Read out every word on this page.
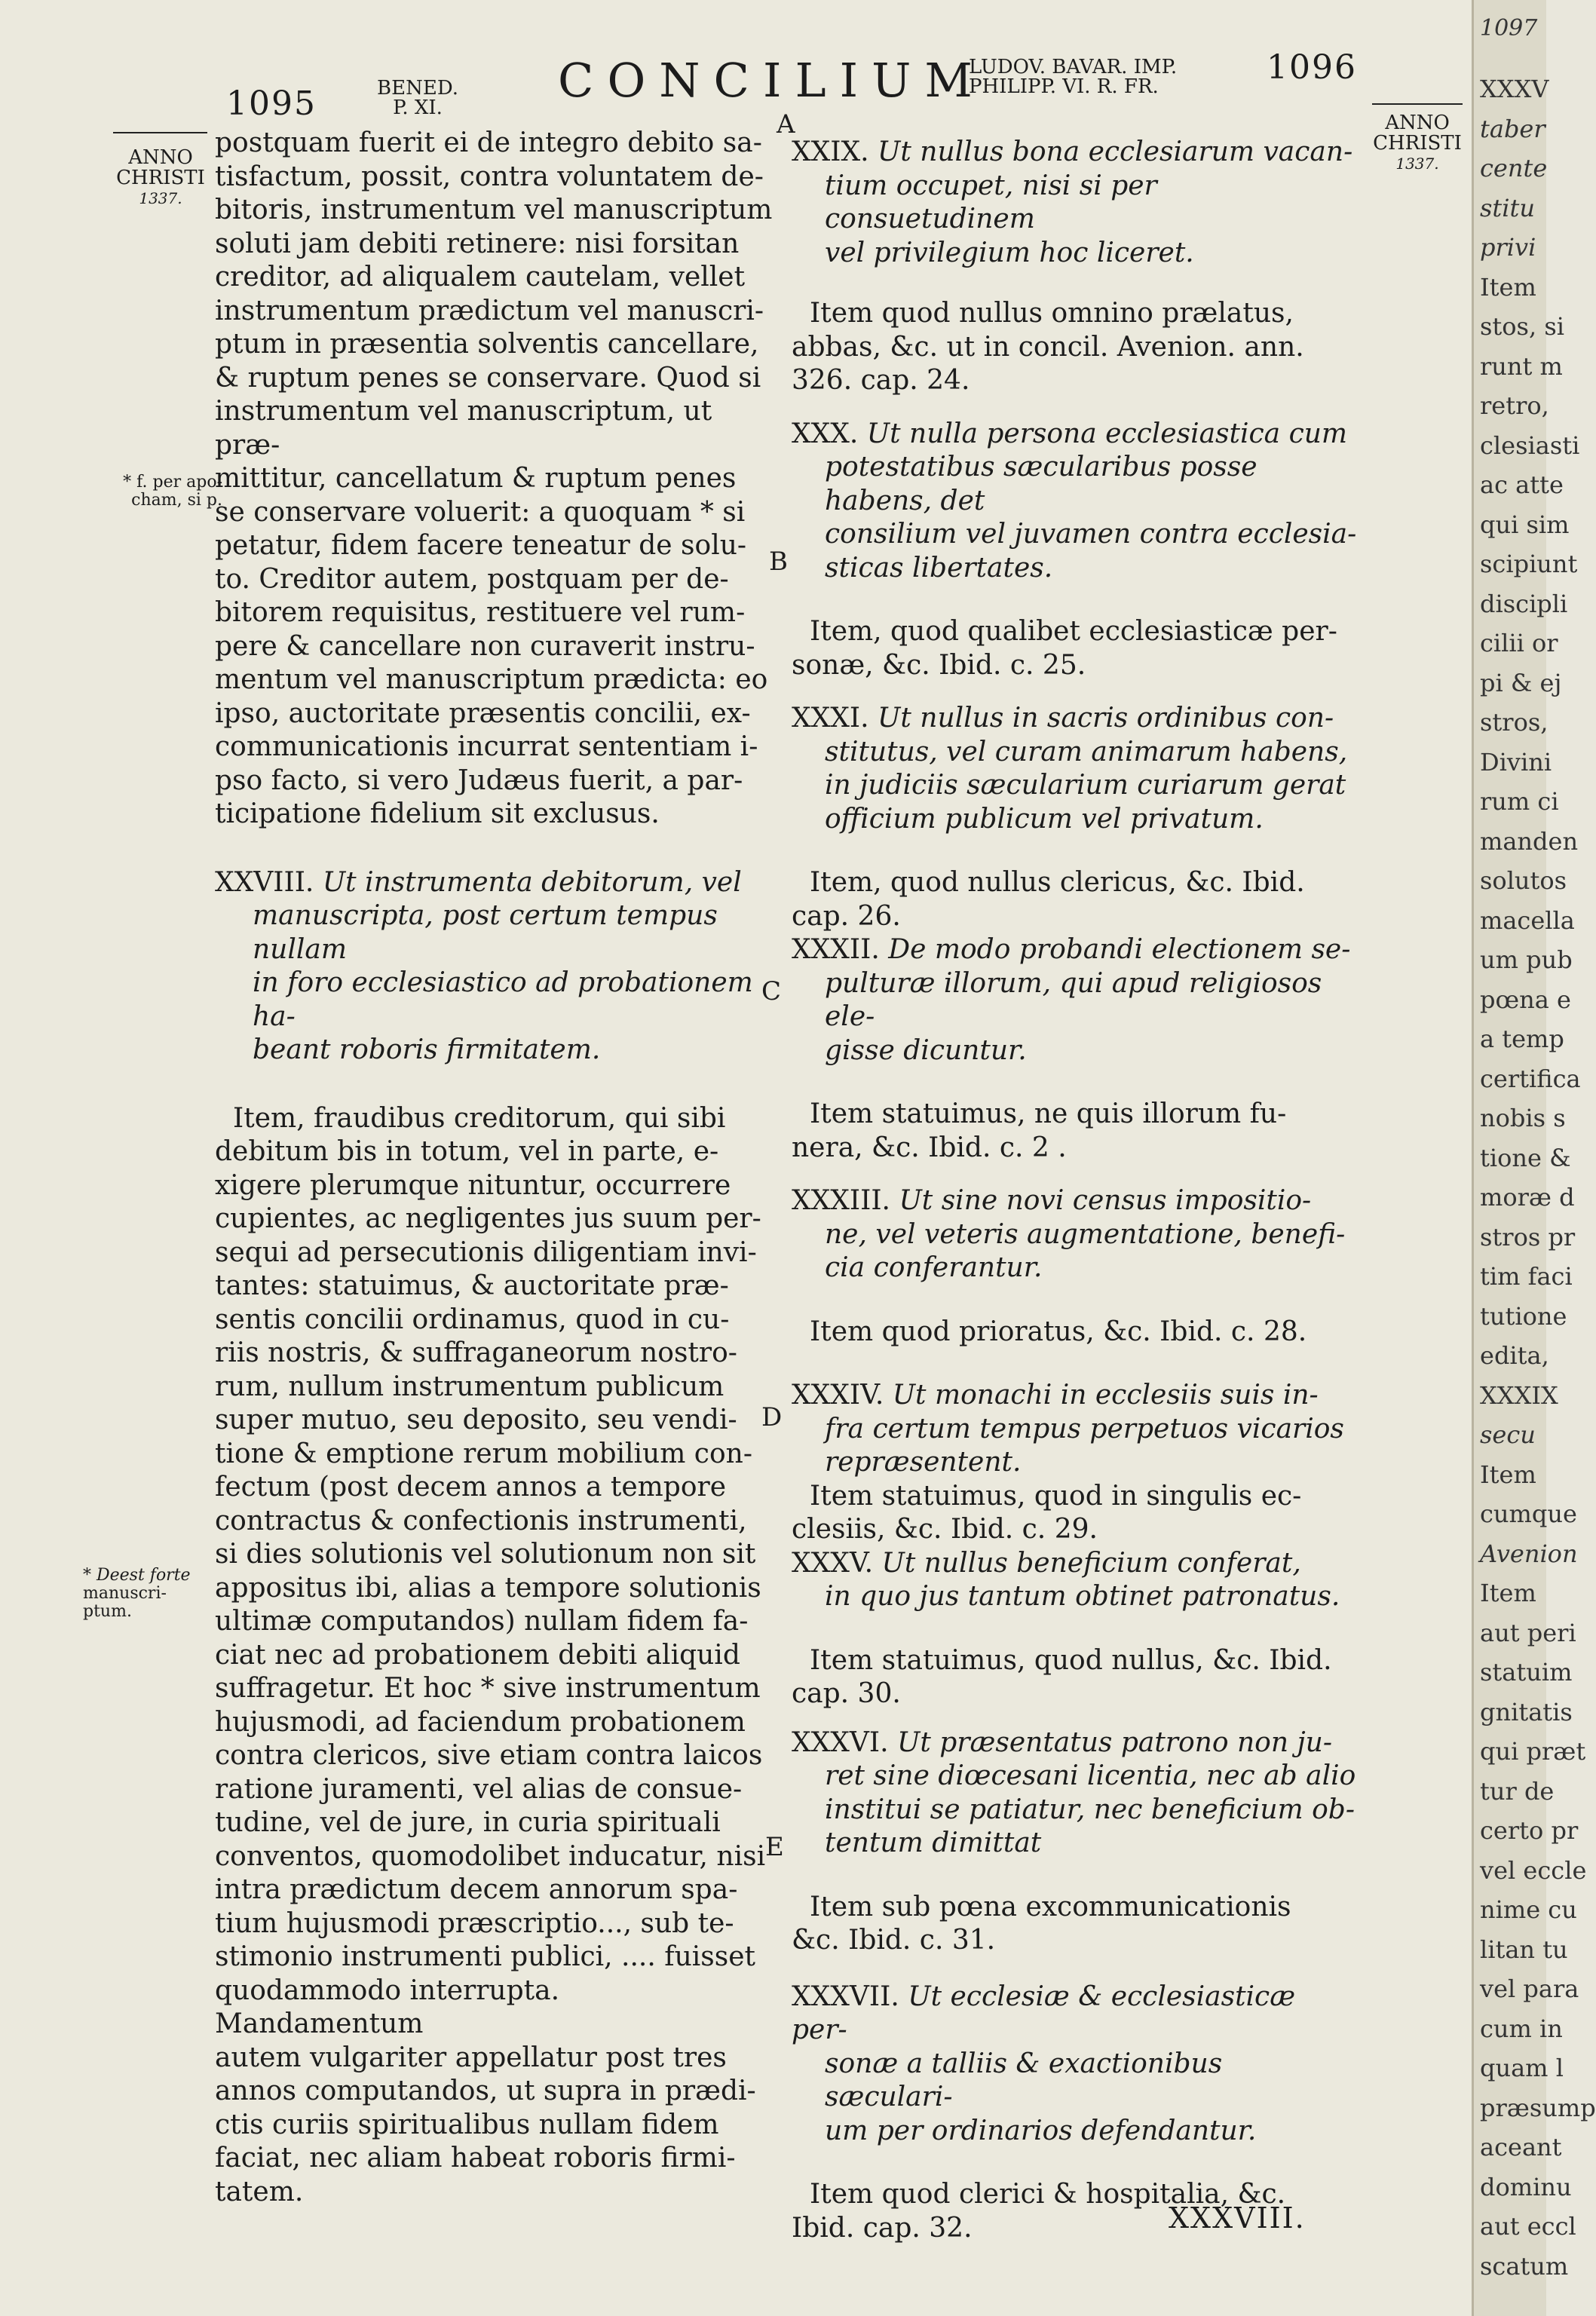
1095	BENED.
P. XI.	CONCILIUM
LUDOV. BAVAR. IMP.
PHILIPP. VI. R. FR.	1096
ANNO
CHRISTI
1337.
ANNO
CHRISTI
1337.
* f. per apo-
cham, si p.
* Deest forte
manuscri-
ptum.
A
B
C
D
E

postquam fuerit ei de integro debito sa-

tisfactum, possit, contra voluntatem de-

bitoris, instrumentum vel manuscriptum

soluti jam debiti retinere: nisi forsitan

creditor, ad aliqualem cautelam, vellet

instrumentum prædictum vel manuscri-

ptum in præsentia solventis cancellare,

& ruptum penes se conservare. Quod si

instrumentum vel manuscriptum, ut præ-

mittitur, cancellatum & ruptum penes

se conservare voluerit: a quoquam * si

petatur, fidem facere teneatur de solu-

to. Creditor autem, postquam per de-

bitorem requisitus, restituere vel rum-

pere & cancellare non curaverit instru-

mentum vel manuscriptum prædicta: eo

ipso, auctoritate præsentis concilii, ex-

communicationis incurrat sententiam i-

pso facto, si vero Judæus fuerit, a par-

ticipatione fidelium sit exclusus.

XXVIII. Ut instrumenta debitorum, vel

manuscripta, post certum tempus nullam

in foro ecclesiastico ad probationem ha-

beant roboris firmitatem.

Item, fraudibus creditorum, qui sibi

debitum bis in totum, vel in parte, e-

xigere plerumque nituntur, occurrere

cupientes, ac negligentes jus suum per-

sequi ad persecutionis diligentiam invi-

tantes: statuimus, & auctoritate præ-

sentis concilii ordinamus, quod in cu-

riis nostris, & suffraganeorum nostro-

rum, nullum instrumentum publicum

super mutuo, seu deposito, seu vendi-

tione & emptione rerum mobilium con-

fectum (post decem annos a tempore

contractus & confectionis instrumenti,

si dies solutionis vel solutionum non sit

appositus ibi, alias a tempore solutionis

ultimæ computandos) nullam fidem fa-

ciat nec ad probationem debiti aliquid

suffragetur. Et hoc * sive instrumentum

hujusmodi, ad faciendum probationem

contra clericos, sive etiam contra laicos

ratione juramenti, vel alias de consue-

tudine, vel de jure, in curia spirituali

conventos, quomodolibet inducatur, nisi

intra prædictum decem annorum spa-

tium hujusmodi præscriptio..., sub te-

stimonio instrumenti publici, .... fuisset

quodammodo interrupta. Mandamentum

autem vulgariter appellatur post tres

annos computandos, ut supra in prædi-

ctis curiis spiritualibus nullam fidem

faciat, nec aliam habeat roboris firmi-

tatem.

XXIX. Ut nullus bona ecclesiarum vacan-

tium occupet, nisi si per consuetudinem

vel privilegium hoc liceret.

Item quod nullus omnino prælatus,

abbas, &c. ut in concil. Avenion. ann.

326. cap. 24.

XXX. Ut nulla persona ecclesiastica cum

potestatibus sæcularibus posse habens, det

consilium vel juvamen contra ecclesia-

sticas libertates.

Item, quod qualibet ecclesiasticæ per-

sonæ, &c. Ibid. c. 25.

XXXI. Ut nullus in sacris ordinibus con-

stitutus, vel curam animarum habens,

in judiciis sæcularium curiarum gerat

officium publicum vel privatum.

Item, quod nullus clericus, &c. Ibid.

cap. 26.

XXXII. De modo probandi electionem se-

pulturæ illorum, qui apud religiosos ele-

gisse dicuntur.

Item statuimus, ne quis illorum fu-

nera, &c. Ibid. c. 2 .

XXXIII. Ut sine novi census impositio-

ne, vel veteris augmentatione, benefi-

cia conferantur.

Item quod prioratus, &c. Ibid. c. 28.

XXXIV. Ut monachi in ecclesiis suis in-

fra certum tempus perpetuos vicarios

repræsentent.

Item statuimus, quod in singulis ec-

clesiis, &c. Ibid. c. 29.

XXXV. Ut nullus beneficium conferat,

in quo jus tantum obtinet patronatus.

Item statuimus, quod nullus, &c. Ibid.

cap. 30.

XXXVI. Ut præsentatus patrono non ju-

ret sine diœcesani licentia, nec ab alio

institui se patiatur, nec beneficium ob-

tentum dimittat

Item sub pœna excommunicationis

&c. Ibid. c. 31.

XXXVII. Ut ecclesiæ & ecclesiasticæ per-

sonæ a talliis & exactionibus sæculari-

um per ordinarios defendantur.

Item quod clerici & hospitalia, &c.

Ibid. cap. 32.	XXXVIII.
1097
XXXV
taber
cente
stitu
privi
Item
stos, si
runt m
retro,
clesiasti
ac atte
qui sim
scipiunt
discipli
cilii or
pi & ej
stros,
Divini
rum ci
manden
solutos
macella
um pub
pœna e
a temp
certifica
nobis s
tione &
moræ d
stros pr
tim faci
tutione
edita,
XXXIX
secu
Item
cumque
Avenion
Item
aut peri
statuim
gnitatis
qui præt
tur de
certo pr
vel eccle
nime cu
litan tu
vel para
cum in
quam l
præsump
aceant
dominu
aut eccl
scatum
